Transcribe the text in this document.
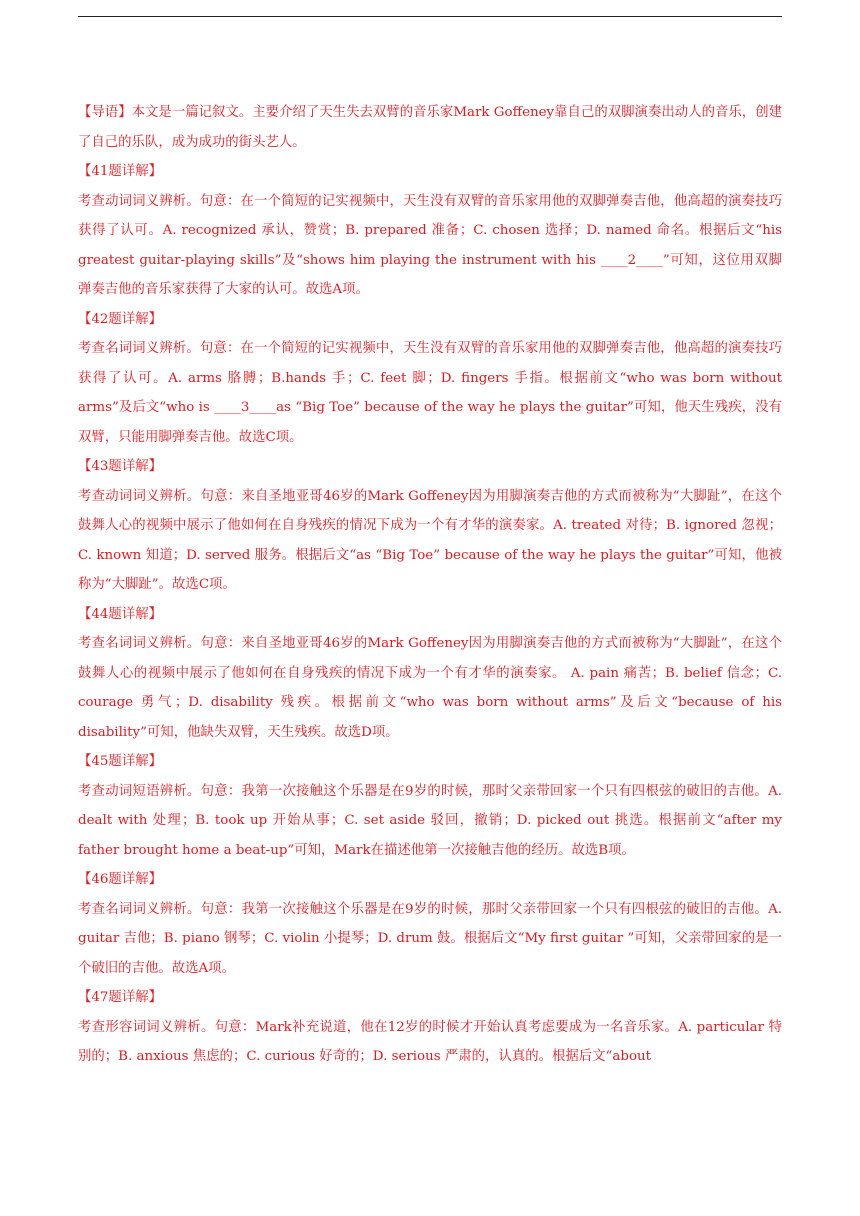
【导语】本文是一篇记叙文。主要介绍了天生失去双臂的音乐家Mark Goffeney靠自己的双脚演奏出动人的音乐，创建了自己的乐队，成为成功的街头艺人。

【41题详解】

考查动词词义辨析。句意：在一个简短的记实视频中，天生没有双臂的音乐家用他的双脚弹奏吉他，他高超的演奏技巧获得了认可。A. recognized 承认，赞赏；B. prepared 准备；C. chosen 选择；D. named 命名。根据后文“his greatest guitar-playing skills”及“shows him playing the instrument with his ____2____”可知，这位用双脚弹奏吉他的音乐家获得了大家的认可。故选A项。

【42题详解】

考查名词词义辨析。句意：在一个简短的记实视频中，天生没有双臂的音乐家用他的双脚弹奏吉他，他高超的演奏技巧获得了认可。A. arms 胳膊；B.hands 手；C. feet 脚；D. fingers 手指。根据前文“who was born without arms”及后文“who is ____3____as “Big Toe” because of the way he plays the guitar”可知，他天生残疾，没有双臂，只能用脚弹奏吉他。故选C项。

【43题详解】

考查动词词义辨析。句意：来自圣地亚哥46岁的Mark Goffeney因为用脚演奏吉他的方式而被称为“大脚趾”，在这个鼓舞人心的视频中展示了他如何在自身残疾的情况下成为一个有才华的演奏家。A. treated 对待；B. ignored 忽视；C. known 知道；D. served 服务。根据后文“as “Big Toe” because of the way he plays the guitar”可知，他被称为“大脚趾”。故选C项。

【44题详解】

考查名词词义辨析。句意：来自圣地亚哥46岁的Mark Goffeney因为用脚演奏吉他的方式而被称为“大脚趾”，在这个鼓舞人心的视频中展示了他如何在自身残疾的情况下成为一个有才华的演奏家。 A. pain 痛苦；B. belief 信念；C. courage 勇气；D. disability 残疾。根据前文“who was born without arms”及后文“because of his disability”可知，他缺失双臂，天生残疾。故选D项。

【45题详解】

考查动词短语辨析。句意：我第一次接触这个乐器是在9岁的时候，那时父亲带回家一个只有四根弦的破旧的吉他。A. dealt with 处理；B. took up 开始从事；C. set aside 驳回，撤销；D. picked out 挑选。根据前文“after my father brought home a beat-up”可知，Mark在描述他第一次接触吉他的经历。故选B项。

【46题详解】

考查名词词义辨析。句意：我第一次接触这个乐器是在9岁的时候，那时父亲带回家一个只有四根弦的破旧的吉他。A. guitar 吉他；B. piano 钢琴；C. violin 小提琴；D. drum 鼓。根据后文“My first guitar ”可知，父亲带回家的是一个破旧的吉他。故选A项。

【47题详解】

考查形容词词义辨析。句意：Mark补充说道，他在12岁的时候才开始认真考虑要成为一名音乐家。A. particular 特别的；B. anxious 焦虑的；C. curious 好奇的；D. serious 严肃的，认真的。根据后文“about
